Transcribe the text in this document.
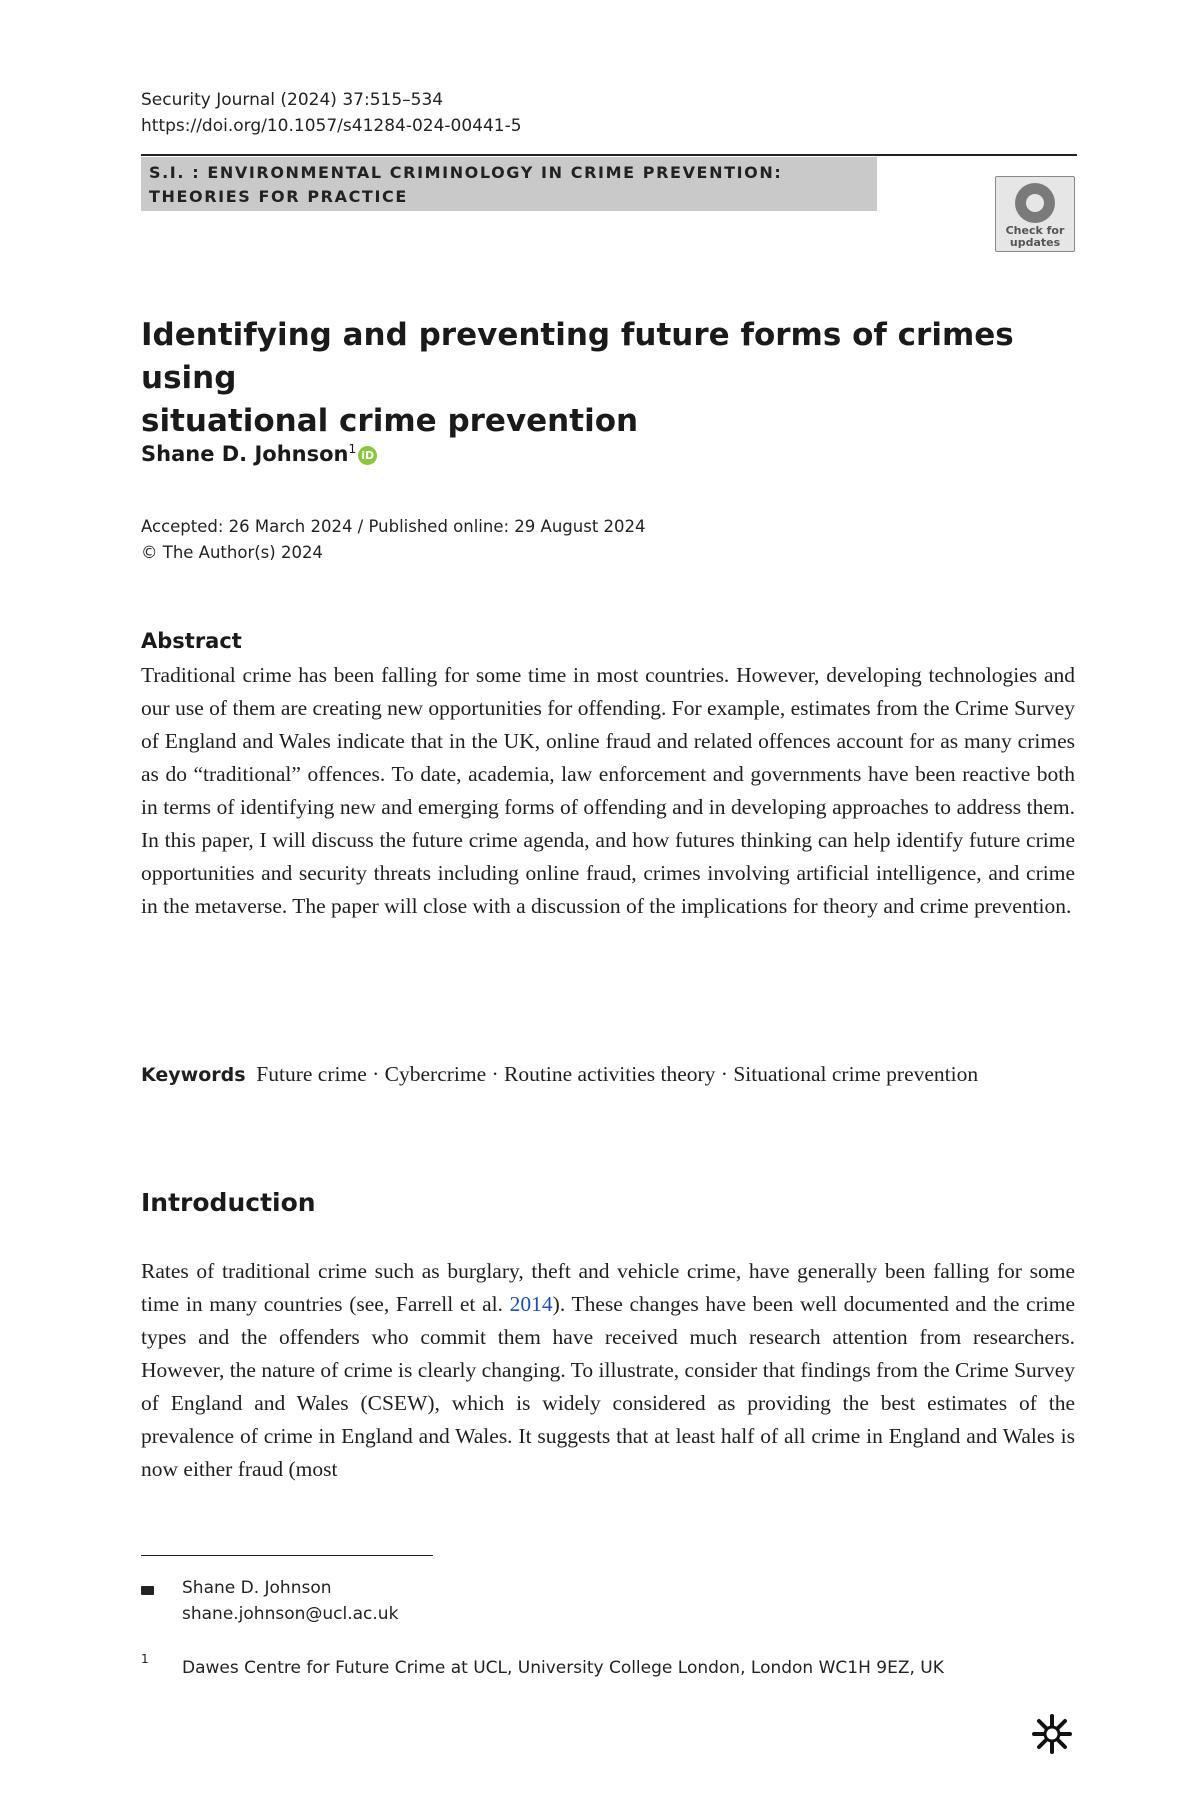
Security Journal (2024) 37:515–534
https://doi.org/10.1057/s41284-024-00441-5
S.I. : ENVIRONMENTAL CRIMINOLOGY IN CRIME PREVENTION:
THEORIES FOR PRACTICE
Check for
updates
Identifying and preventing future forms of crimes using
situational crime prevention
Shane D. Johnson$^1$ iD
Accepted: 26 March 2024 / Published online: 29 August 2024
© The Author(s) 2024
Abstract
Traditional crime has been falling for some time in most countries. However, developing technologies and our use of them are creating new opportunities for offending. For example, estimates from the Crime Survey of England and Wales indicate that in the UK, online fraud and related offences account for as many crimes as do “traditional” offences. To date, academia, law enforcement and governments have been reactive both in terms of identifying new and emerging forms of offending and in developing approaches to address them. In this paper, I will discuss the future crime agenda, and how futures thinking can help identify future crime opportunities and security threats including online fraud, crimes involving artificial intelligence, and crime in the metaverse. The paper will close with a discussion of the implications for theory and crime prevention.
Keywords Future crime · Cybercrime · Routine activities theory · Situational crime prevention
Introduction
Rates of traditional crime such as burglary, theft and vehicle crime, have generally been falling for some time in many countries (see, Farrell et al. 2014). These changes have been well documented and the crime types and the offenders who commit them have received much research attention from researchers. However, the nature of crime is clearly changing. To illustrate, consider that findings from the Crime Survey of England and Wales (CSEW), which is widely considered as providing the best estimates of the prevalence of crime in England and Wales. It suggests that at least half of all crime in England and Wales is now either fraud (most
Shane D. Johnson
shane.johnson@ucl.ac.uk
1 Dawes Centre for Future Crime at UCL, University College London, London WC1H 9EZ, UK
